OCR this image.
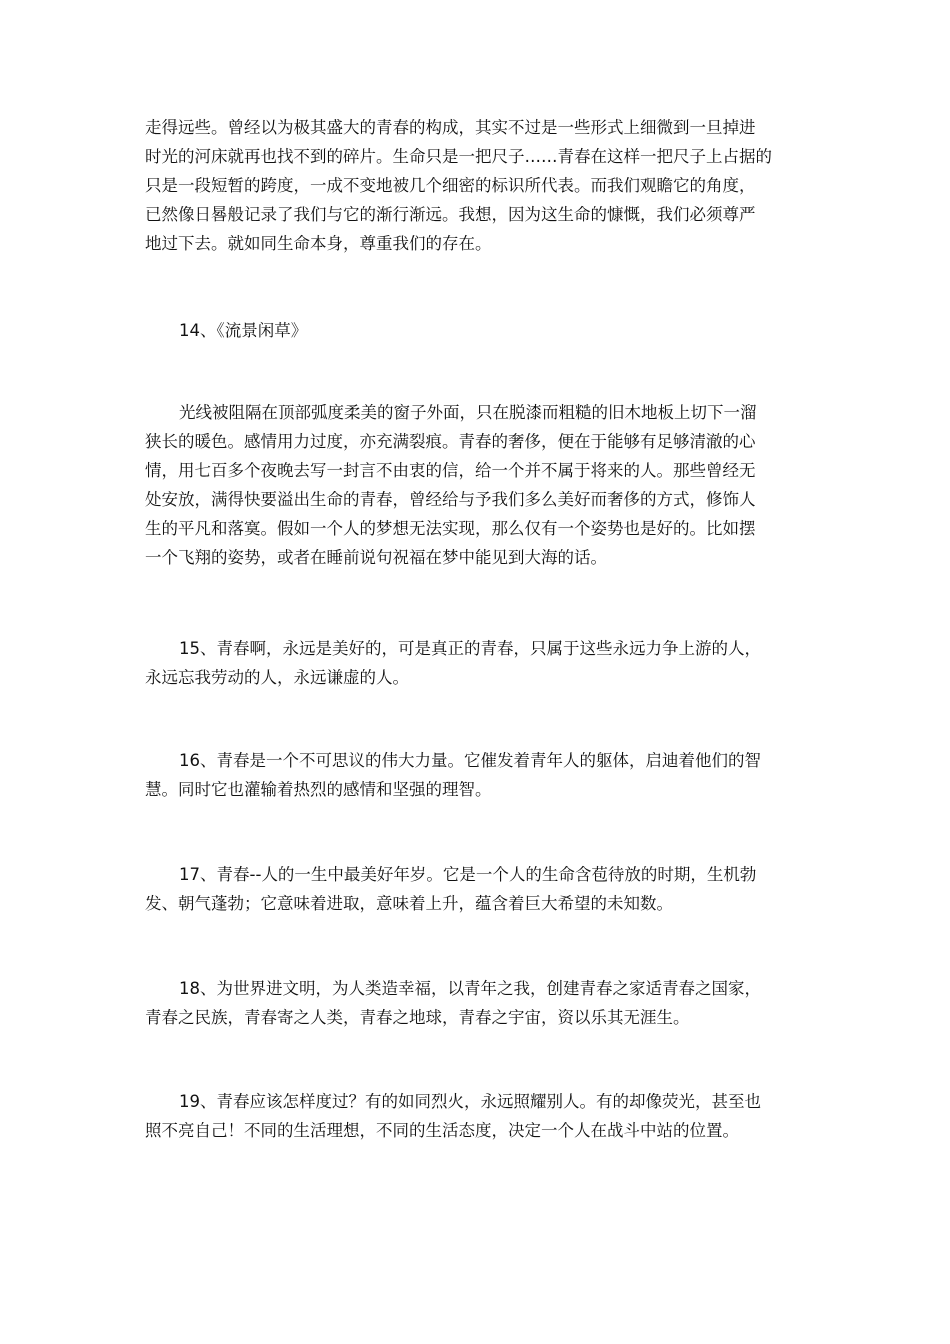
走得远些。曾经以为极其盛大的青春的构成，其实不过是一些形式上细微到一旦掉进
时光的河床就再也找不到的碎片。生命只是一把尺子……青春在这样一把尺子上占据的
只是一段短暂的跨度，一成不变地被几个细密的标识所代表。而我们观瞻它的角度，
已然像日晷般记录了我们与它的渐行渐远。我想，因为这生命的慷慨，我们必须尊严
地过下去。就如同生命本身，尊重我们的存在。
14、《流景闲草》
光线被阻隔在顶部弧度柔美的窗子外面，只在脱漆而粗糙的旧木地板上切下一溜
狭长的暖色。感情用力过度，亦充满裂痕。青春的奢侈，便在于能够有足够清澈的心
情，用七百多个夜晚去写一封言不由衷的信，给一个并不属于将来的人。那些曾经无
处安放，满得快要溢出生命的青春，曾经给与予我们多么美好而奢侈的方式，修饰人
生的平凡和落寞。假如一个人的梦想无法实现，那么仅有一个姿势也是好的。比如摆
一个飞翔的姿势，或者在睡前说句祝福在梦中能见到大海的话。
15、青春啊，永远是美好的，可是真正的青春，只属于这些永远力争上游的人，
永远忘我劳动的人，永远谦虚的人。
16、青春是一个不可思议的伟大力量。它催发着青年人的躯体，启迪着他们的智
慧。同时它也灌输着热烈的感情和坚强的理智。
17、青春--人的一生中最美好年岁。它是一个人的生命含苞待放的时期，生机勃
发、朝气蓬勃；它意味着进取，意味着上升，蕴含着巨大希望的未知数。
18、为世界进文明，为人类造幸福，以青年之我，创建青春之家适青春之国家，
青春之民族，青春寄之人类，青春之地球，青春之宇宙，资以乐其无涯生。
19、青春应该怎样度过？有的如同烈火，永远照耀别人。有的却像荧光，甚至也
照不亮自己！不同的生活理想，不同的生活态度，决定一个人在战斗中站的位置。
